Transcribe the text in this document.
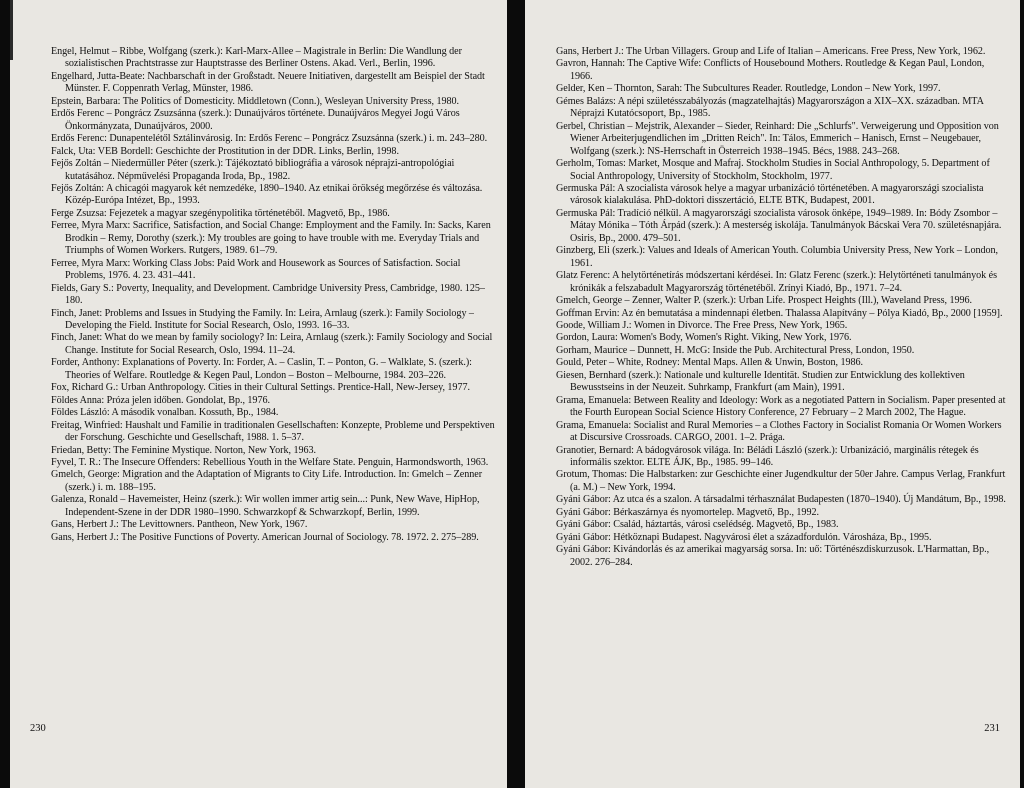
Engel, Helmut – Ribbe, Wolfgang (szerk.): Karl-Marx-Allee – Magistrale in Berlin: Die Wandlung der sozialistischen Prachtstrasse zur Hauptstrasse des Berliner Ostens. Akad. Verl., Berlin, 1996.

Engelhard, Jutta-Beate: Nachbarschaft in der Großstadt. Neuere Initiativen, dargestellt am Beispiel der Stadt Münster. F. Coppenrath Verlag, Münster, 1986.

Epstein, Barbara: The Politics of Domesticity. Middletown (Conn.), Wesleyan University Press, 1980.

Erdős Ferenc – Pongrácz Zsuzsánna (szerk.): Dunaújváros története. Dunaújváros Megyei Jogú Város Önkormányzata, Dunaújváros, 2000.

Erdős Ferenc: Dunapentelétől Sztálinvárosig. In: Erdős Ferenc – Pongrácz Zsuzsánna (szerk.) i. m. 243–280.

Falck, Uta: VEB Bordell: Geschichte der Prostitution in der DDR. Links, Berlin, 1998.

Fejős Zoltán – Niedermüller Péter (szerk.): Tájékoztató bibliográfia a városok néprajzi-antropológiai kutatásához. Népművelési Propaganda Iroda, Bp., 1982.

Fejős Zoltán: A chicagói magyarok két nemzedéke, 1890–1940. Az etnikai örökség megőrzése és változása. Közép-Európa Intézet, Bp., 1993.

Ferge Zsuzsa: Fejezetek a magyar szegénypolitika történetéből. Magvető, Bp., 1986.

Ferree, Myra Marx: Sacrifice, Satisfaction, and Social Change: Employment and the Family. In: Sacks, Karen Brodkin – Remy, Dorothy (szerk.): My troubles are going to have trouble with me. Everyday Trials and Triumphs of Women Workers. Rutgers, 1989. 61–79.

Ferree, Myra Marx: Working Class Jobs: Paid Work and Housework as Sources of Satisfaction. Social Problems, 1976. 4. 23. 431–441.

Fields, Gary S.: Poverty, Inequality, and Development. Cambridge University Press, Cambridge, 1980. 125–180.

Finch, Janet: Problems and Issues in Studying the Family. In: Leira, Arnlaug (szerk.): Family Sociology – Developing the Field. Institute for Social Research, Oslo, 1993. 16–33.

Finch, Janet: What do we mean by family sociology? In: Leira, Arnlaug (szerk.): Family Sociology and Social Change. Institute for Social Research, Oslo, 1994. 11–24.

Forder, Anthony: Explanations of Poverty. In: Forder, A. – Caslin, T. – Ponton, G. – Walklate, S. (szerk.): Theories of Welfare. Routledge & Kegen Paul, London – Boston – Melbourne, 1984. 203–226.

Fox, Richard G.: Urban Anthropology. Cities in their Cultural Settings. Prentice-Hall, New-Jersey, 1977.

Földes Anna: Próza jelen időben. Gondolat, Bp., 1976.

Földes László: A második vonalban. Kossuth, Bp., 1984.

Freitag, Winfried: Haushalt und Familie in traditionalen Gesellschaften: Konzepte, Probleme und Perspektiven der Forschung. Geschichte und Gesellschaft, 1988. 1. 5–37.

Friedan, Betty: The Feminine Mystique. Norton, New York, 1963.

Fyvel, T. R.: The Insecure Offenders: Rebellious Youth in the Welfare State. Penguin, Harmondsworth, 1963.

Gmelch, George: Migration and the Adaptation of Migrants to City Life. Introduction. In: Gmelch – Zenner (szerk.) i. m. 188–195.

Galenza, Ronald – Havemeister, Heinz (szerk.): Wir wollen immer artig sein...: Punk, New Wave, HipHop, Independent-Szene in der DDR 1980–1990. Schwarzkopf & Schwarzkopf, Berlin, 1999.

Gans, Herbert J.: The Levittowners. Pantheon, New York, 1967.

Gans, Herbert J.: The Positive Functions of Poverty. American Journal of Sociology. 78. 1972. 2. 275–289.

230

Gans, Herbert J.: The Urban Villagers. Group and Life of Italian – Americans. Free Press, New York, 1962.

Gavron, Hannah: The Captive Wife: Conflicts of Housebound Mothers. Routledge & Kegan Paul, London, 1966.

Gelder, Ken – Thornton, Sarah: The Subcultures Reader. Routledge, London – New York, 1997.

Gémes Balázs: A népi születésszabályozás (magzatelhajtás) Magyarországon a XIX–XX. században. MTA Néprajzi Kutatócsoport, Bp., 1985.

Gerbel, Christian – Mejstrik, Alexander – Sieder, Reinhard: Die „Schlurfs". Verweigerung und Opposition von Wiener Arbeiterjugendlichen im „Dritten Reich". In: Tálos, Emmerich – Hanisch, Ernst – Neugebauer, Wolfgang (szerk.): NS-Herrschaft in Österreich 1938–1945. Bécs, 1988. 243–268.

Gerholm, Tomas: Market, Mosque and Mafraj. Stockholm Studies in Social Anthropology, 5. Department of Social Anthropology, University of Stockholm, Stockholm, 1977.

Germuska Pál: A szocialista városok helye a magyar urbanizáció történetében. A magyarországi szocialista városok kialakulása. PhD-doktori disszertáció, ELTE BTK, Budapest, 2001.

Germuska Pál: Tradíció nélkül. A magyarországi szocialista városok önképe, 1949–1989. In: Bódy Zsombor – Mátay Mónika – Tóth Árpád (szerk.): A mesterség iskolája. Tanulmányok Bácskai Vera 70. születésnapjára. Osiris, Bp., 2000. 479–501.

Ginzberg, Eli (szerk.): Values and Ideals of American Youth. Columbia University Press, New York – London, 1961.

Glatz Ferenc: A helytörténetírás módszertani kérdései. In: Glatz Ferenc (szerk.): Helytörténeti tanulmányok és krónikák a felszabadult Magyarország történetéből. Zrínyi Kiadó, Bp., 1971. 7–24.

Gmelch, George – Zenner, Walter P. (szerk.): Urban Life. Prospect Heights (Ill.), Waveland Press, 1996.

Goffman Ervin: Az én bemutatása a mindennapi életben. Thalassa Alapítvány – Pólya Kiadó, Bp., 2000 [1959].

Goode, William J.: Women in Divorce. The Free Press, New York, 1965.

Gordon, Laura: Women's Body, Women's Right. Viking, New York, 1976.

Gorham, Maurice – Dunnett, H. McG: Inside the Pub. Architectural Press, London, 1950.

Gould, Peter – White, Rodney: Mental Maps. Allen & Unwin, Boston, 1986.

Giesen, Bernhard (szerk.): Nationale und kulturelle Identität. Studien zur Entwicklung des kollektiven Bewusstseins in der Neuzeit. Suhrkamp, Frankfurt (am Main), 1991.

Grama, Emanuela: Between Reality and Ideology: Work as a negotiated Pattern in Socialism. Paper presented at the Fourth European Social Science History Conference, 27 February – 2 March 2002, The Hague.

Grama, Emanuela: Socialist and Rural Memories – a Clothes Factory in Socialist Romania Or Women Workers at Discursive Crossroads. CARGO, 2001. 1–2. Prága.

Granotier, Bernard: A bádogvárosok világa. In: Béládi László (szerk.): Urbanizáció, marginális rétegek és informális szektor. ELTE ÁJK, Bp., 1985. 99–146.

Grotum, Thomas: Die Halbstarken: zur Geschichte einer Jugendkultur der 50er Jahre. Campus Verlag, Frankfurt (a. M.) – New York, 1994.

Gyáni Gábor: Az utca és a szalon. A társadalmi térhasználat Budapesten (1870–1940). Új Mandátum, Bp., 1998.

Gyáni Gábor: Bérkaszárnya és nyomortelep. Magvető, Bp., 1992.

Gyáni Gábor: Család, háztartás, városi cselédség. Magvető, Bp., 1983.

Gyáni Gábor: Hétköznapi Budapest. Nagyvárosi élet a századfordulón. Városháza, Bp., 1995.

Gyáni Gábor: Kivándorlás és az amerikai magyarság sorsa. In: uő: Történészdiskurzusok. L'Harmattan, Bp., 2002. 276–284.

231
